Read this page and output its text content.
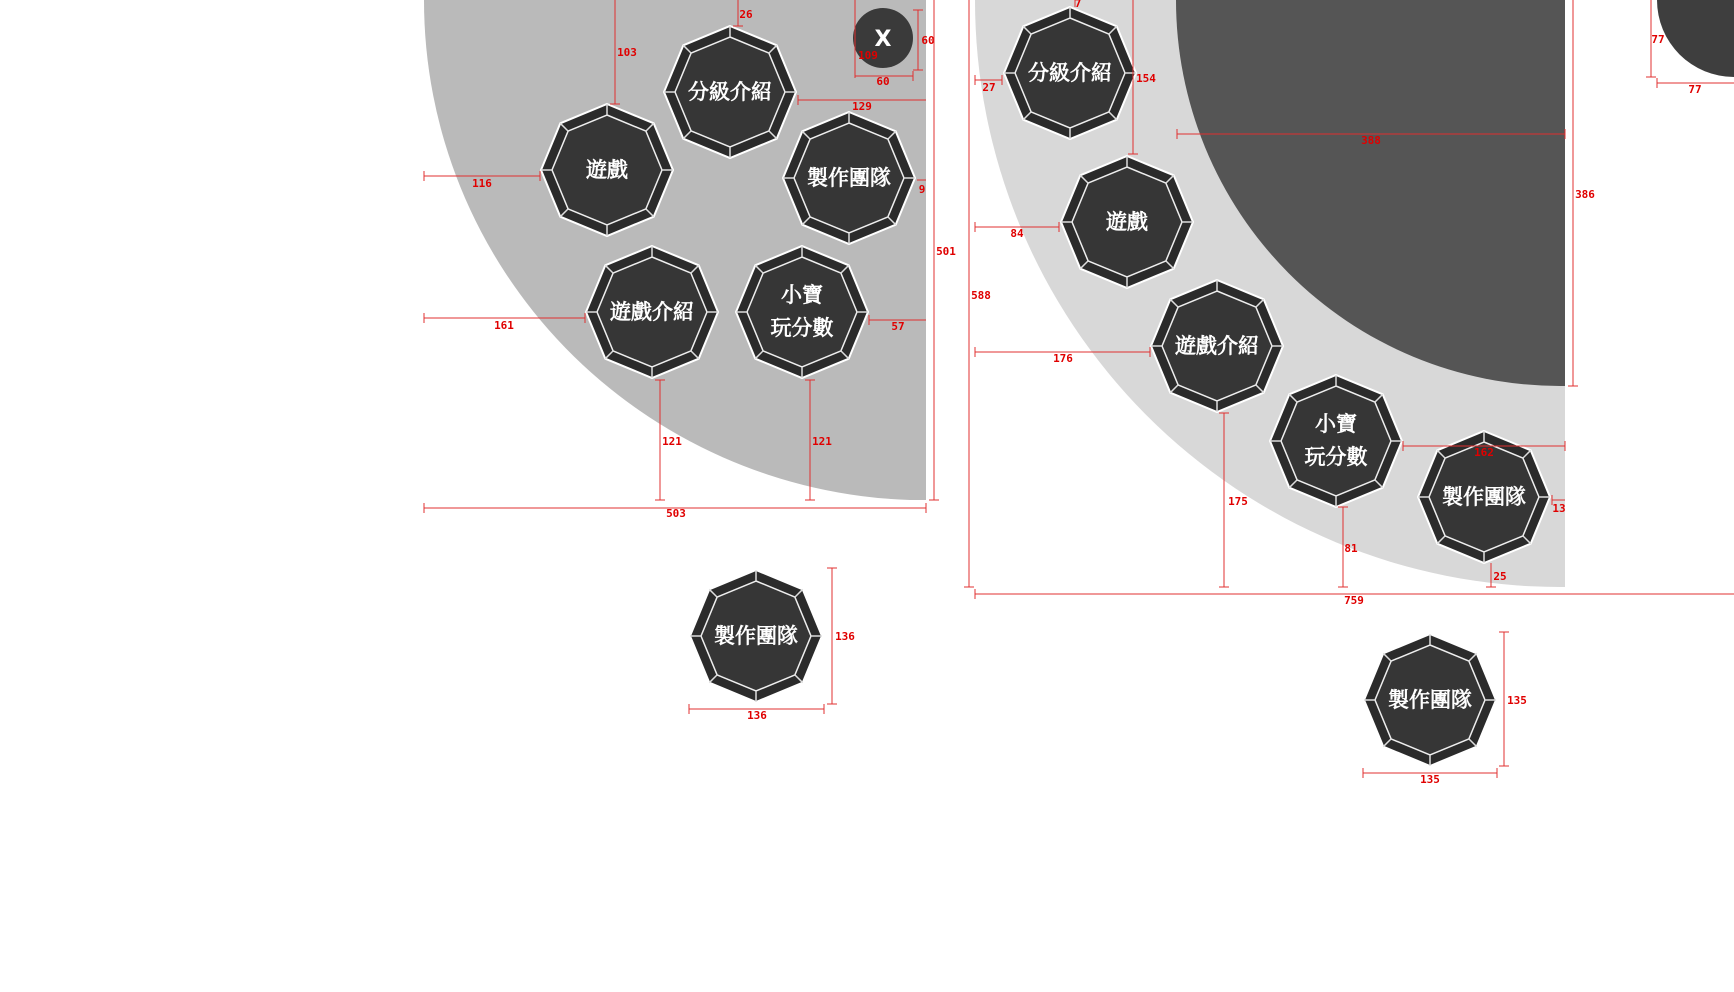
X
分級介紹
遊戲	製作團隊
遊戲介紹
小寶
玩分數
製作團隊
分級介紹
遊戲
遊戲介紹
小寶
玩分數
製作團隊
製作團隊
103
26
109
60
60
129
116	9
501
161	57
121	121
503
136
136
7
27
154
388
386
84
588
176
162
175
13
81
25
759
135
135
77
77
